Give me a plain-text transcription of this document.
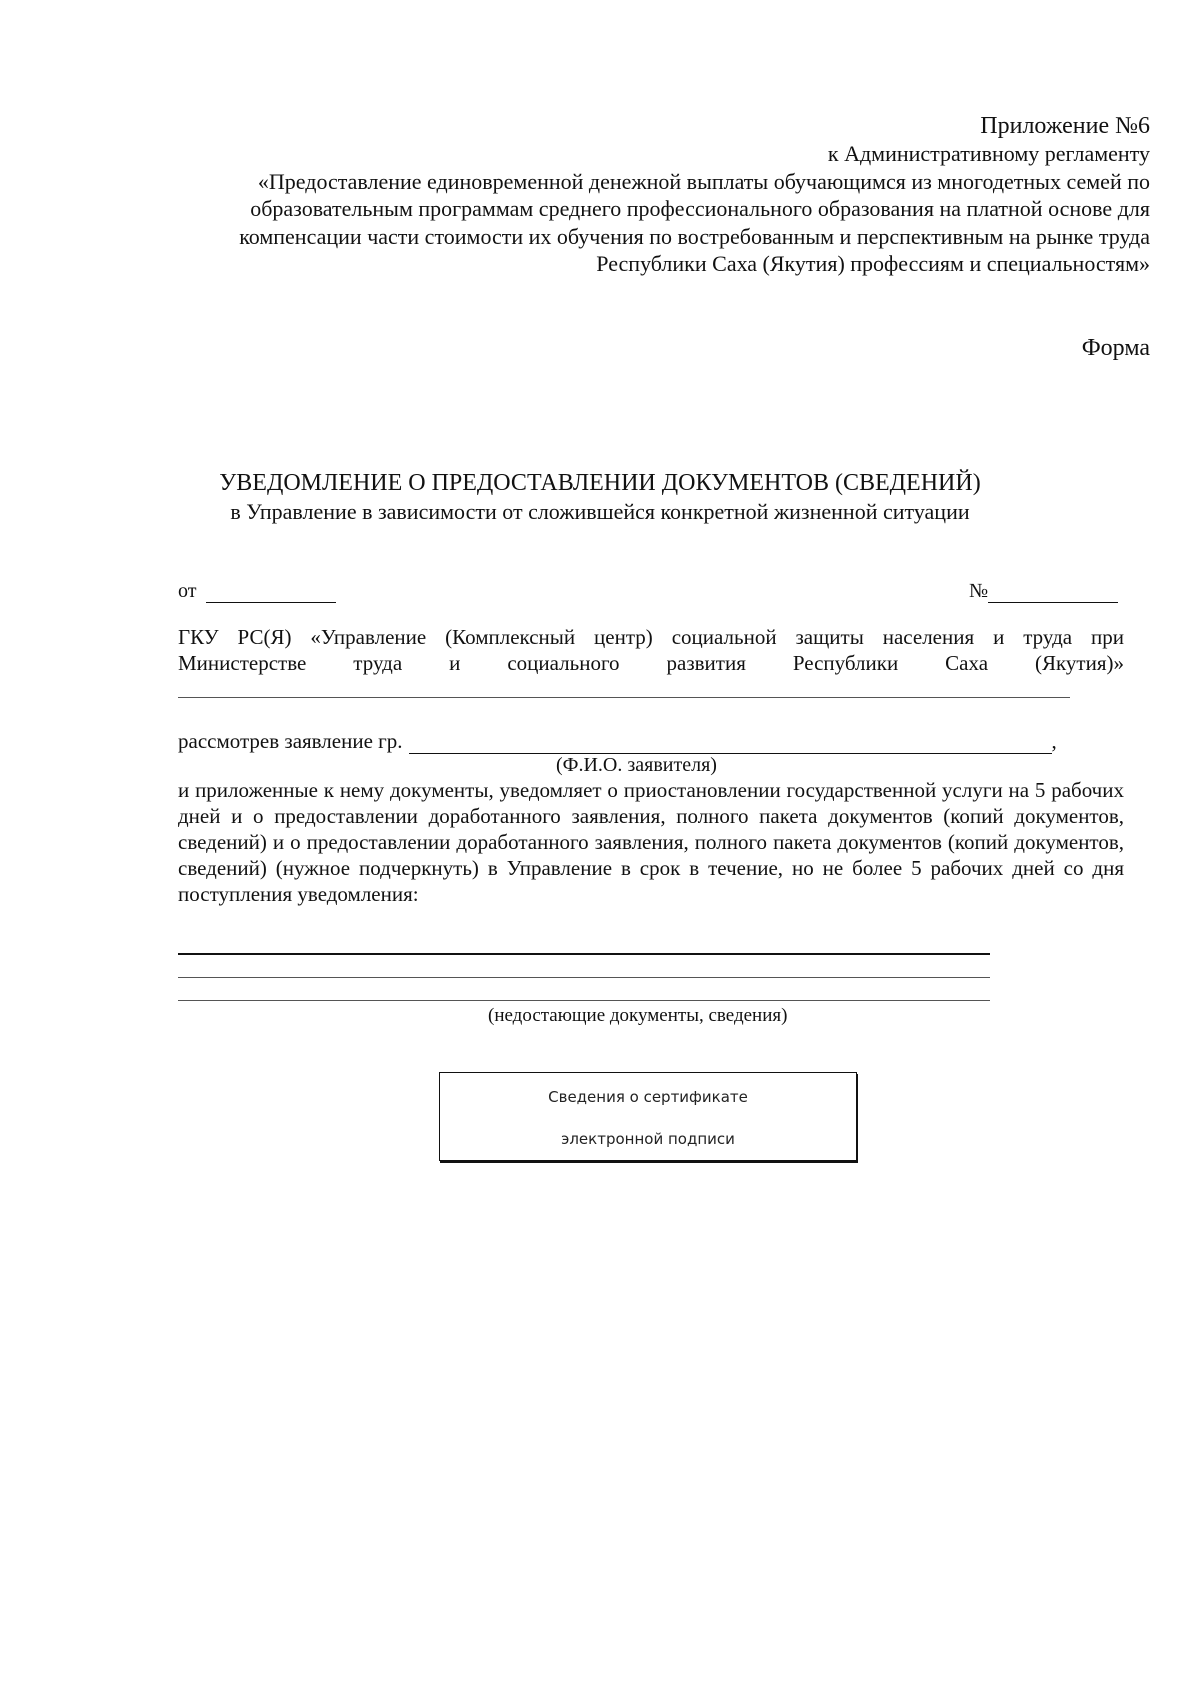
Приложение №6
к Административному регламенту
«Предоставление единовременной денежной выплаты обучающимся из многодетных семей по
образовательным программам среднего профессионального образования на платной основе для
компенсации части стоимости их обучения по востребованным и перспективным на рынке труда
Республики Саха (Якутия) профессиям и специальностям»
Форма
УВЕДОМЛЕНИЕ О ПРЕДОСТАВЛЕНИИ ДОКУМЕНТОВ (СВЕДЕНИЙ)
в Управление в зависимости от сложившейся конкретной жизненной ситуации
от	№
ГКУ РС(Я) «Управление (Комплексный центр) социальной защиты населения и труда при
Министерстве труда и социального развития Республики Саха (Якутия)»
рассмотрев заявление гр.	,
(Ф.И.О. заявителя)
и приложенные к нему документы, уведомляет о приостановлении государственной услуги на 5 рабочих дней и о предоставлении доработанного заявления, полного пакета документов (копий документов, сведений) и о предоставлении доработанного заявления, полного пакета документов (копий документов, сведений) (нужное подчеркнуть) в Управление в срок в течение, но не более 5 рабочих дней со дня поступления уведомления:
(недостающие документы, сведения)
Сведения о сертификате
электронной подписи
